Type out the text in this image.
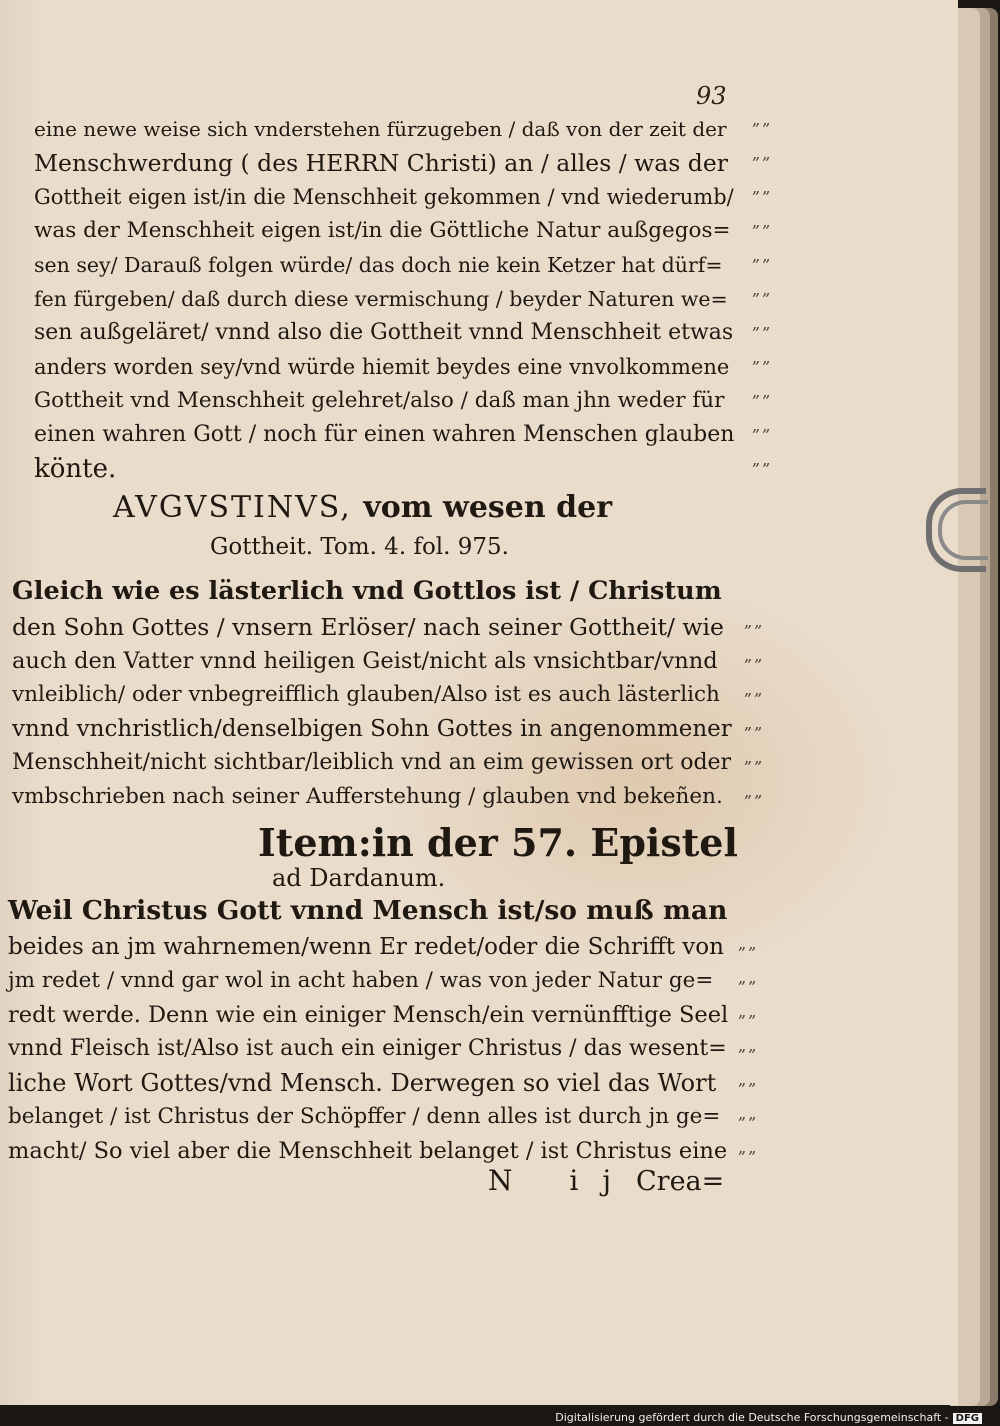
93
eine newe weise sich vnderstehen fürzugeben / daß von der zeit der
Menschwerdung ( des HERRN Christi) an / alles / was der
Gottheit eigen ist/in die Menschheit gekommen / vnd wiederumb/
was der Menschheit eigen ist/in die Göttliche Natur außgegos=
sen sey/ Darauß folgen würde/ das doch nie kein Ketzer hat dürf=
fen fürgeben/ daß durch diese vermischung / beyder Naturen we=
sen außgeläret/ vnnd also die Gottheit vnnd Menschheit etwas
anders worden sey/vnd würde hiemit beydes eine vnvolkommene
Gottheit vnd Menschheit gelehret/also / daß man jhn weder für
einen wahren Gott / noch für einen wahren Menschen glauben
könte.
„„
„„
„„
„„
„„
„„
„„
„„
„„
„„
„„
AVGVSTINVS, vom wesen der
Gottheit. Tom. 4. fol. 975.
Gleich wie es lästerlich vnd Gottlos ist / Christum
den Sohn Gottes / vnsern Erlöser/ nach seiner Gottheit/ wie
auch den Vatter vnnd heiligen Geist/nicht als vnsichtbar/vnnd
vnleiblich/ oder vnbegreifflich glauben/Also ist es auch lästerlich
vnnd vnchristlich/denselbigen Sohn Gottes in angenommener
Menschheit/nicht sichtbar/leiblich vnd an eim gewissen ort oder
vmbschrieben nach seiner Aufferstehung / glauben vnd bekeñen.
„„
„„
„„
„„
„„
„„
Item:in der 57. Epistel
ad Dardanum.
Weil Christus Gott vnnd Mensch ist/so muß man
beides an jm wahrnemen/wenn Er redet/oder die Schrifft von
jm redet / vnnd gar wol in acht haben / was von jeder Natur ge=
redt werde. Denn wie ein einiger Mensch/ein vernünfftige Seel
vnnd Fleisch ist/Also ist auch ein einiger Christus / das wesent=
liche Wort Gottes/vnd Mensch. Derwegen so viel das Wort
belanget / ist Christus der Schöpffer / denn alles ist durch jn ge=
macht/ So viel aber die Menschheit belanget / ist Christus eine
„„
„„
„„
„„
„„
„„
„„
N ij Crea=
Digitalisierung gefördert durch die Deutsche Forschungsgemeinschaft - DFG
